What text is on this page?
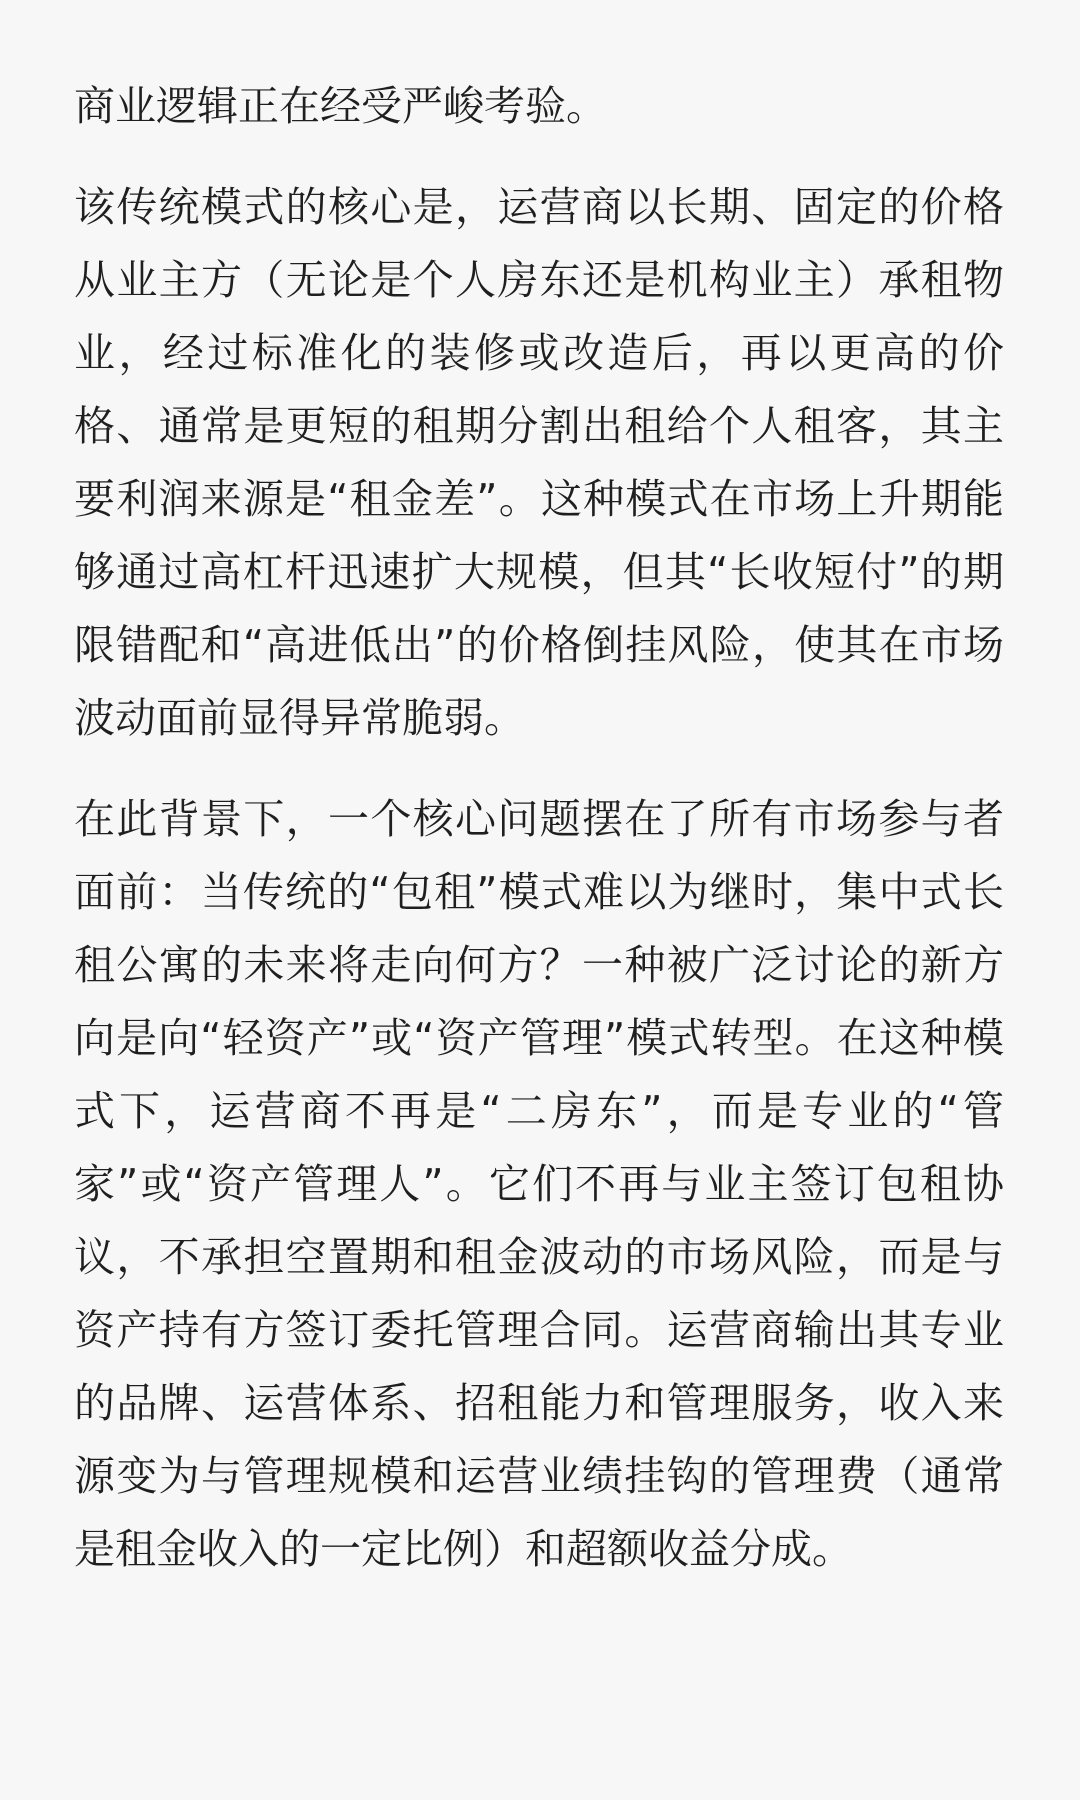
商业逻辑正在经受严峻考验。

该传统模式的核心是，运营商以长期、固定的价格从业主方（无论是个人房东还是机构业主）承租物业，经过标准化的装修或改造后，再以更高的价格、通常是更短的租期分割出租给个人租客，其主要利润来源是“租金差”。这种模式在市场上升期能够通过高杠杆迅速扩大规模，但其“长收短付”的期限错配和“高进低出”的价格倒挂风险，使其在市场波动面前显得异常脆弱。

在此背景下，一个核心问题摆在了所有市场参与者面前：当传统的“包租”模式难以为继时，集中式长租公寓的未来将走向何方？一种被广泛讨论的新方向是向“轻资产”或“资产管理”模式转型。在这种模式下，运营商不再是“二房东”，而是专业的“管家”或“资产管理人”。它们不再与业主签订包租协议，不承担空置期和租金波动的市场风险，而是与资产持有方签订委托管理合同。运营商输出其专业的品牌、运营体系、招租能力和管理服务，收入来源变为与管理规模和运营业绩挂钩的管理费（通常是租金收入的一定比例）和超额收益分成。
